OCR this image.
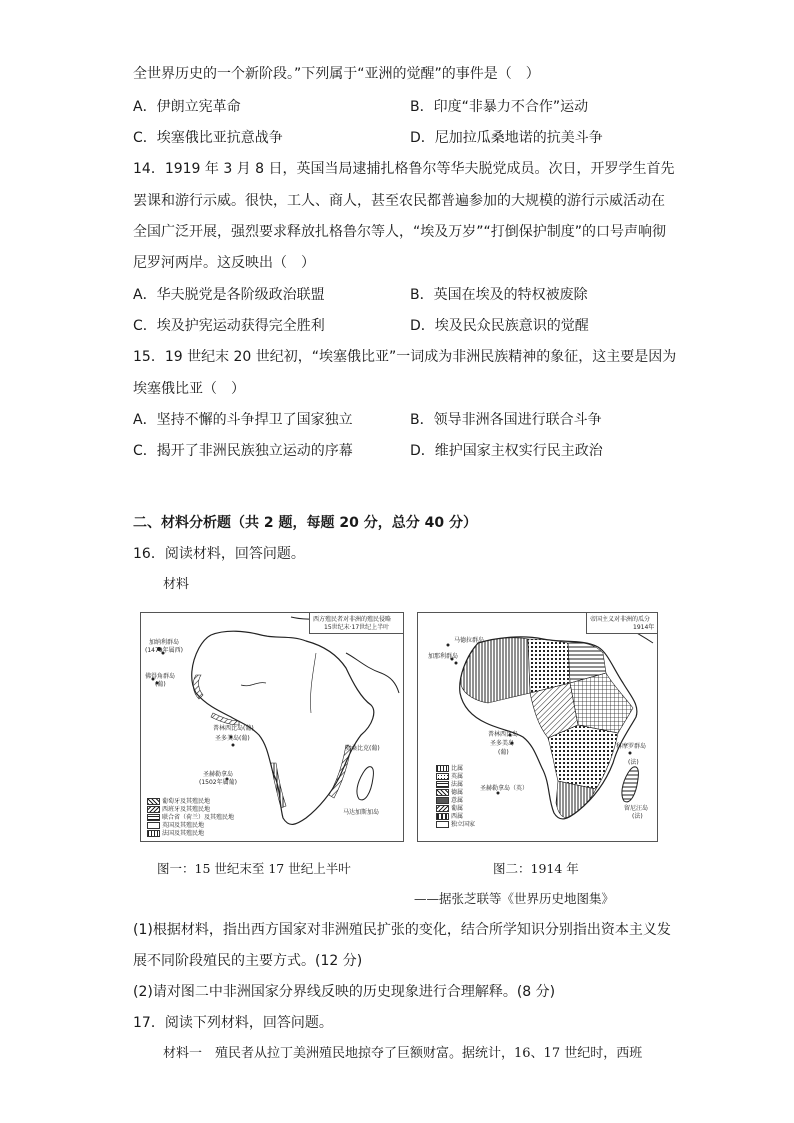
全世界历史的一个新阶段。”下列属于“亚洲的觉醒”的事件是（　）
A．伊朗立宪革命	B．印度“非暴力不合作”运动
C．埃塞俄比亚抗意战争	D．尼加拉瓜桑地诺的抗美斗争
14．1919 年 3 月 8 日，英国当局逮捕扎格鲁尔等华夫脱党成员。次日，开罗学生首先
罢课和游行示威。很快，工人、商人，甚至农民都普遍参加的大规模的游行示威活动在
全国广泛开展，强烈要求释放扎格鲁尔等人，“埃及万岁”“打倒保护制度”的口号声响彻
尼罗河两岸。这反映出（　）
A．华夫脱党是各阶级政治联盟	B．英国在埃及的特权被废除
C．埃及护宪运动获得完全胜利	D．埃及民众民族意识的觉醒
15．19 世纪末 20 世纪初，“埃塞俄比亚”一词成为非洲民族精神的象征，这主要是因为
埃塞俄比亚（　）
A．坚持不懈的斗争捍卫了国家独立	B．领导非洲各国进行联合斗争
C．揭开了非洲民族独立运动的序幕	D．维护国家主权实行民主政治
二、材料分析题（共 2 题，每题 20 分，总分 40 分）
16．阅读材料，回答问题。
材料
西方殖民者对非洲的殖民侵略
15世纪末·17世纪上半叶
加纳利群岛
(1479年属西)
佛得角群岛
(葡)
普林西比岛(葡)
圣多美岛(葡)
莫桑比克(葡)
圣赫勒拿岛
(1502年属葡)
马达加斯加岛
葡萄牙及其殖民地
西班牙及其殖民地
联合省（荷兰）及其殖民地
英国及其殖民地
法国及其殖民地
帝国主义对非洲的瓜分
1914年
马德拉群岛
加那利群岛
普林西比岛
圣多美岛
(葡)
圣赫勒拿岛（英）
科摩罗群岛
(法)
留尼汪岛
(法)
比属
英属
法属
德属
意属
葡属
西属
独立国家
图一：15 世纪末至 17 世纪上半叶	图二：1914 年
——据张芝联等《世界历史地图集》
(1)根据材料，指出西方国家对非洲殖民扩张的变化，结合所学知识分别指出资本主义发
展不同阶段殖民的主要方式。(12 分)
(2)请对图二中非洲国家分界线反映的历史现象进行合理解释。(8 分)
17．阅读下列材料，回答问题。
材料一　殖民者从拉丁美洲殖民地掠夺了巨额财富。据统计，16、17 世纪时，西班
